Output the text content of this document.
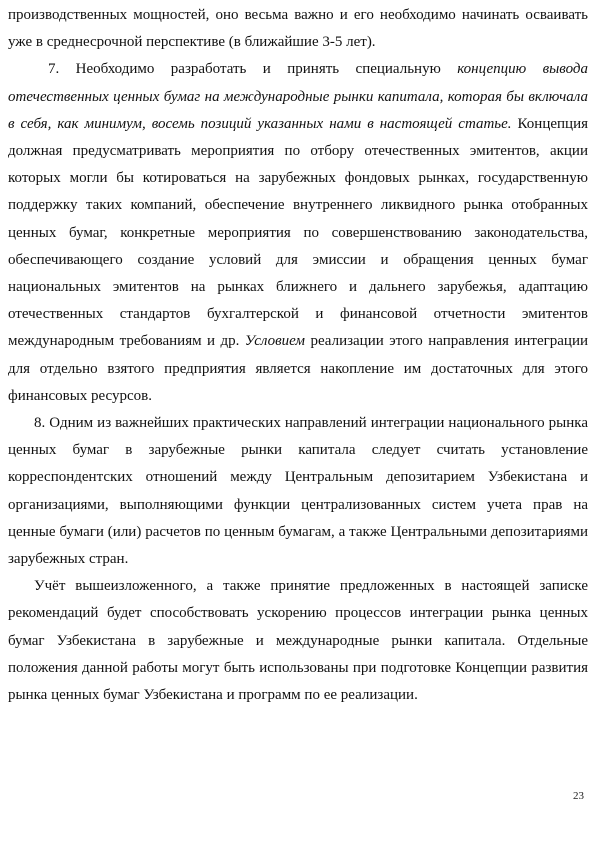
производственных мощностей, оно весьма важно и его необходимо начинать осваивать уже в среднесрочной перспективе (в ближайшие 3-5 лет).

7. Необходимо разработать и принять специальную концепцию вывода отечественных ценных бумаг на международные рынки капитала, которая бы включала в себя, как минимум, восемь позиций указанных нами в настоящей статье. Концепция должная предусматривать мероприятия по отбору отечественных эмитентов, акции которых могли бы котироваться на зарубежных фондовых рынках, государственную поддержку таких компаний, обеспечение внутреннего ликвидного рынка отобранных ценных бумаг, конкретные мероприятия по совершенствованию законодательства, обеспечивающего создание условий для эмиссии и обращения ценных бумаг национальных эмитентов на рынках ближнего и дальнего зарубежья, адаптацию отечественных стандартов бухгалтерской и финансовой отчетности эмитентов международным требованиям и др. Условием реализации этого направления интеграции для отдельно взятого предприятия является накопление им достаточных для этого финансовых ресурсов.

8. Одним из важнейших практических направлений интеграции национального рынка ценных бумаг в зарубежные рынки капитала следует считать установление корреспондентских отношений между Центральным депозитарием Узбекистана и организациями, выполняющими функции централизованных систем учета прав на ценные бумаги (или) расчетов по ценным бумагам, а также Центральными депозитариями зарубежных стран.

Учёт вышеизложенного, а также принятие предложенных в настоящей записке рекомендаций будет способствовать ускорению процессов интеграции рынка ценных бумаг Узбекистана в зарубежные и международные рынки капитала. Отдельные положения данной работы могут быть использованы при подготовке Концепции развития рынка ценных бумаг Узбекистана и программ по ее реализации.

23
